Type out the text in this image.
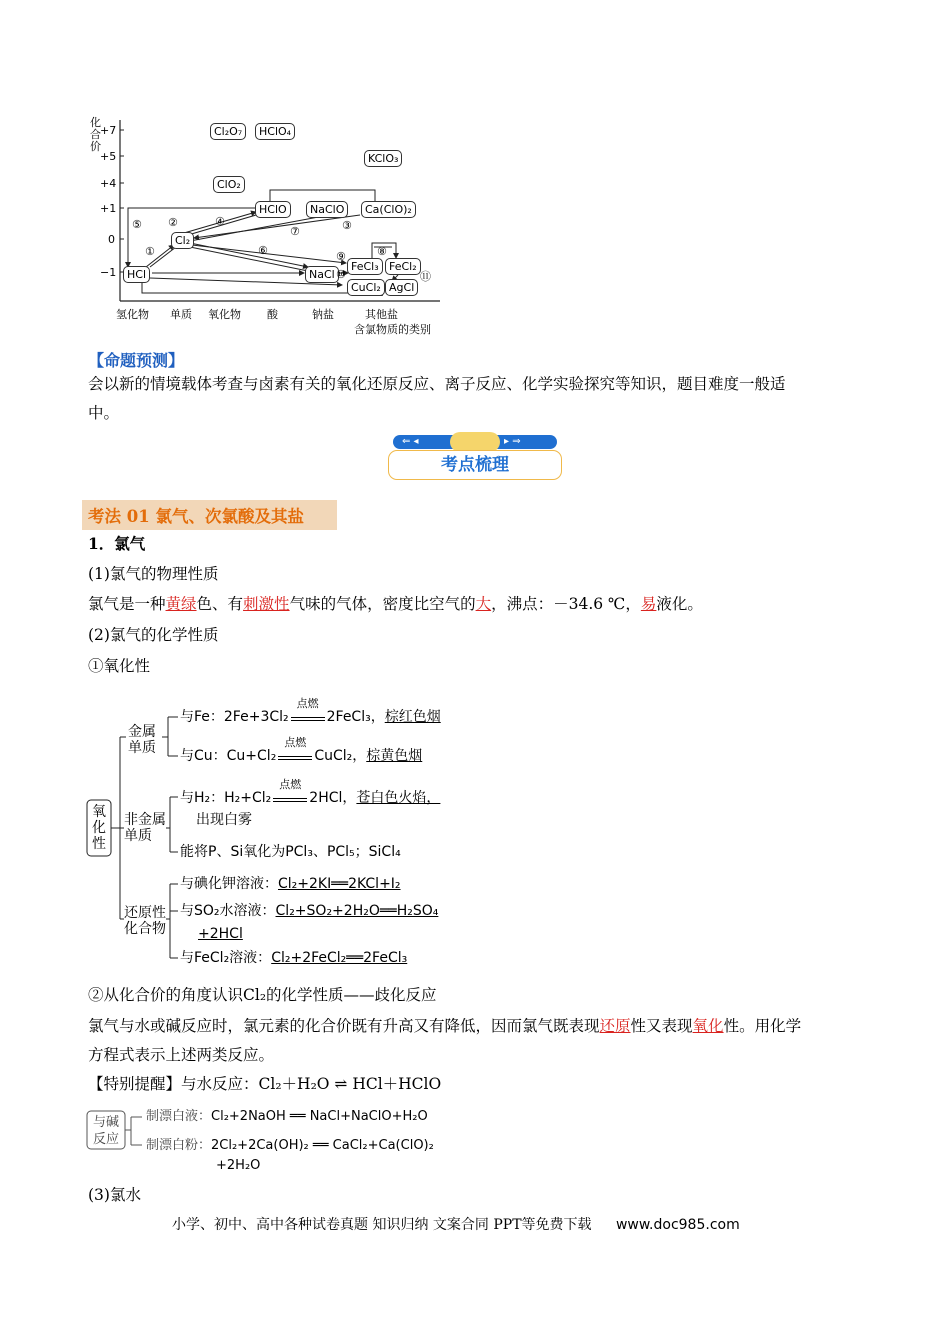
化合价
+7
+5
+4
+1
0
−1
Cl₂O₇	HClO₄
KClO₃
ClO₂
HClO	NaClO	Ca(ClO)₂
Cl₂
HCl	NaCl
FeCl₃ FeCl₂
CuCl₂ AgCl
①
②	③
④
⑤
⑥
⑦
⑧
⑨
⑩	⑪
氢化物 单质 氧化物 酸	钠盐	其他盐
含氯物质的类别
【命题预测】
会以新的情境载体考查与卤素有关的氧化还原反应、离子反应、化学实验探究等知识，题目难度一般适
中。
⇐ ◂	▸ ⇒
考点梳理
考法 01 氯气、次氯酸及其盐
1．氯气
(1)氯气的物理性质
氯气是一种黄绿色、有刺激性气味的气体，密度比空气的大，沸点：－34.6 ℃，易液化。
(2)氯气的化学性质
①氧化性
氧化性
金属单质
非金属单质
还原性化合物
与Fe：2Fe+3Cl₂
点燃
2FeCl₃，棕红色烟
与Cu：Cu+Cl₂
点燃
CuCl₂，棕黄色烟
与H₂：H₂+Cl₂
点燃
2HCl，苍白色火焰，
出现白雾
能将P、Si氧化为PCl₃、PCl₅；SiCl₄
与碘化钾溶液：Cl₂+2KI══2KCl+I₂
与SO₂水溶液：Cl₂+SO₂+2H₂O══H₂SO₄
+2HCl
与FeCl₂溶液：Cl₂+2FeCl₂══2FeCl₃
②从化合价的角度认识Cl₂的化学性质——歧化反应
氯气与水或碱反应时，氯元素的化合价既有升高又有降低，因而氯气既表现还原性又表现氧化性。用化学
方程式表示上述两类反应。
【特别提醒】与水反应：Cl₂＋H₂O ⇌ HCl＋HClO
与碱反应
制漂白液：Cl₂+2NaOH ══ NaCl+NaClO+H₂O
制漂白粉：2Cl₂+2Ca(OH)₂ ══ CaCl₂+Ca(ClO)₂
+2H₂O
(3)氯水
小学、初中、高中各种试卷真题 知识归纳 文案合同 PPT等免费下载 www.doc985.com
